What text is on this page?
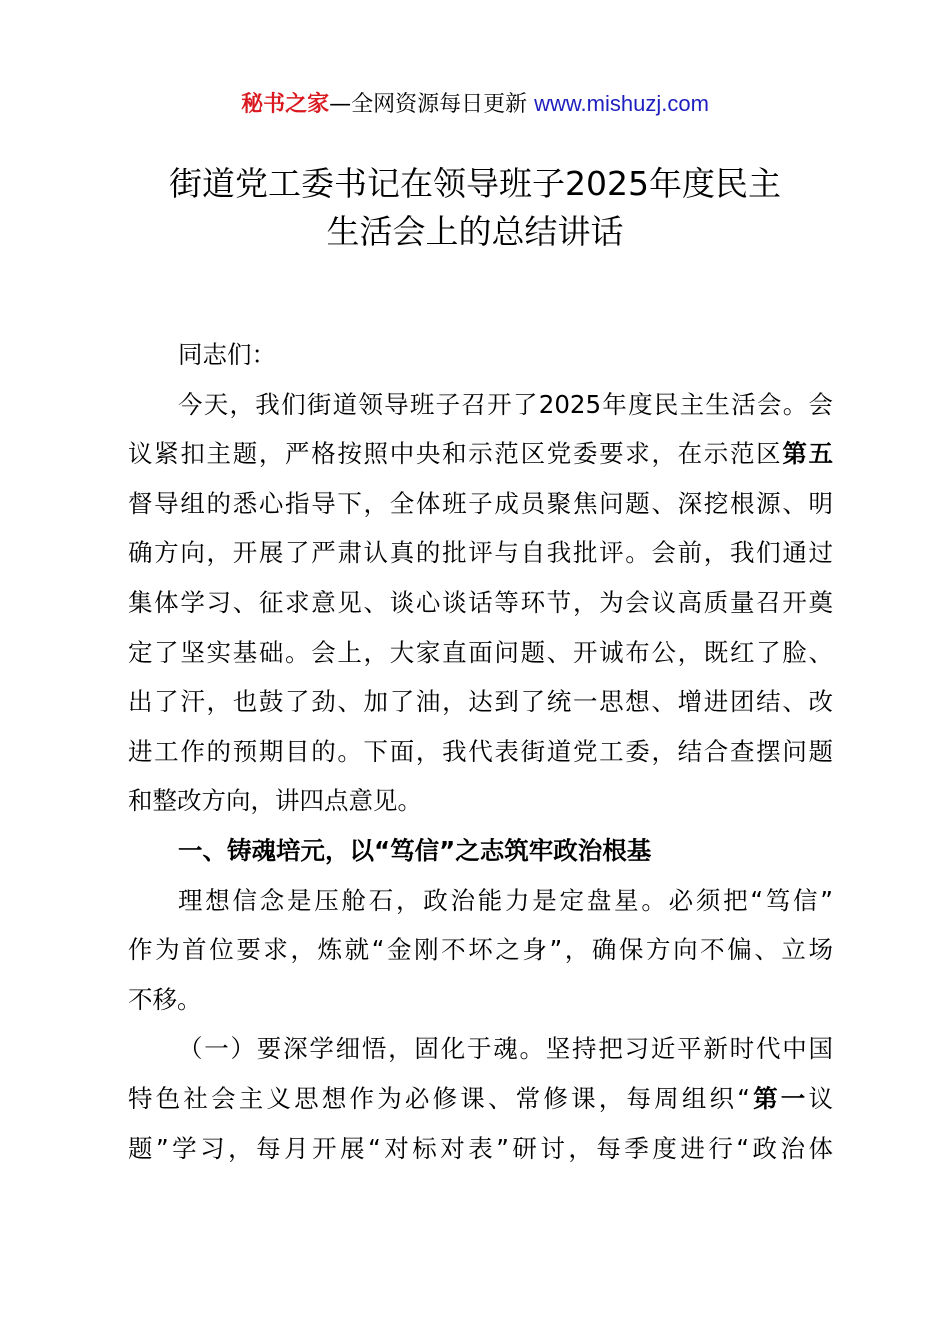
秘书之家—全网资源每日更新 www.mishuzj.com
街道党工委书记在领导班子2025年度民主
生活会上的总结讲话
同志们：
今天，我们街道领导班子召开了2025年度民主生活会。会
议紧扣主题，严格按照中央和示范区党委要求，在示范区第五
督导组的悉心指导下，全体班子成员聚焦问题、深挖根源、明
确方向，开展了严肃认真的批评与自我批评。会前，我们通过
集体学习、征求意见、谈心谈话等环节，为会议高质量召开奠
定了坚实基础。会上，大家直面问题、开诚布公，既红了脸、
出了汗，也鼓了劲、加了油，达到了统一思想、增进团结、改
进工作的预期目的。下面，我代表街道党工委，结合查摆问题
和整改方向，讲四点意见。
一、铸魂培元，以“笃信”之志筑牢政治根基
理想信念是压舱石，政治能力是定盘星。必须把“笃信”
作为首位要求，炼就“金刚不坏之身”，确保方向不偏、立场
不移。
（一）要深学细悟，固化于魂。坚持把习近平新时代中国
特色社会主义思想作为必修课、常修课，每周组织“第一议
题”学习，每月开展“对标对表”研讨，每季度进行“政治体
